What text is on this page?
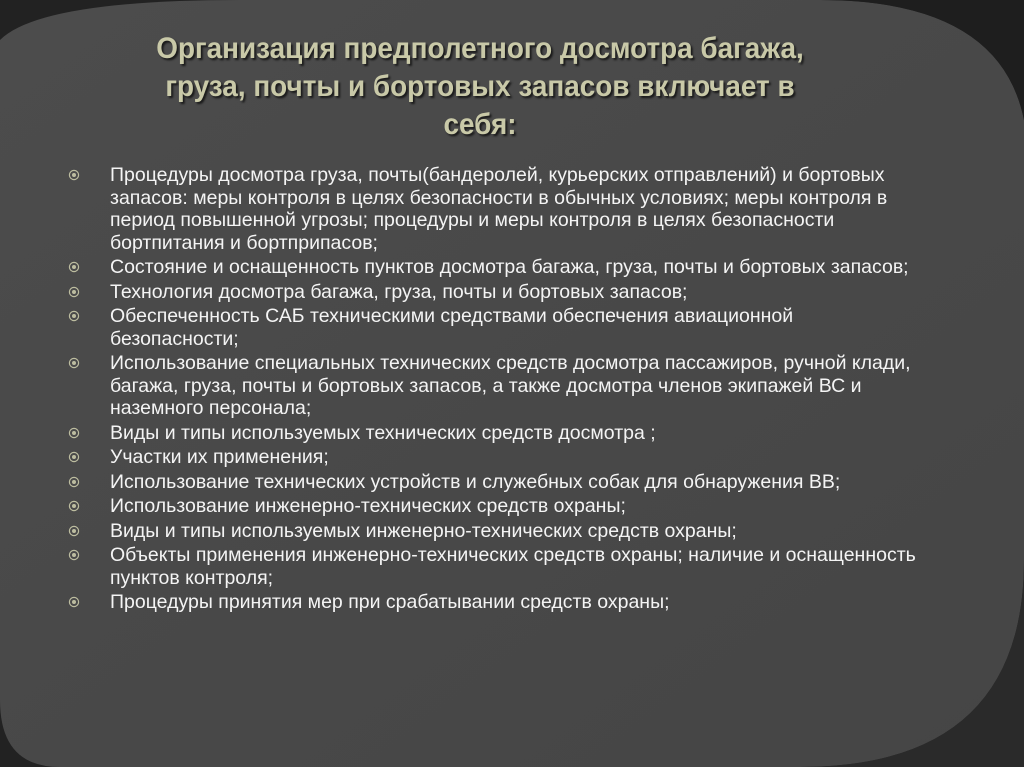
Организация предполетного досмотра багажа, груза, почты и бортовых запасов включает в себя:
Процедуры досмотра груза, почты(бандеролей, курьерских отправлений) и бортовых запасов: меры контроля в целях безопасности в обычных условиях; меры контроля в период повышенной угрозы; процедуры и меры контроля в целях безопасности бортпитания и бортприпасов;
Состояние и оснащенность пунктов досмотра багажа, груза, почты и бортовых запасов;
Технология досмотра багажа, груза, почты и бортовых запасов;
Обеспеченность САБ техническими средствами обеспечения авиационной безопасности;
Использование специальных технических средств досмотра пассажиров, ручной клади, багажа, груза, почты и бортовых запасов, а также досмотра членов экипажей ВС и наземного персонала;
Виды и типы используемых технических средств досмотра ;
Участки их применения;
Использование технических устройств и служебных собак для обнаружения ВВ;
Использование инженерно-технических средств охраны;
Виды и типы используемых инженерно-технических средств охраны;
Объекты применения инженерно-технических средств охраны; наличие и оснащенность пунктов контроля;
Процедуры принятия мер при срабатывании средств охраны;
